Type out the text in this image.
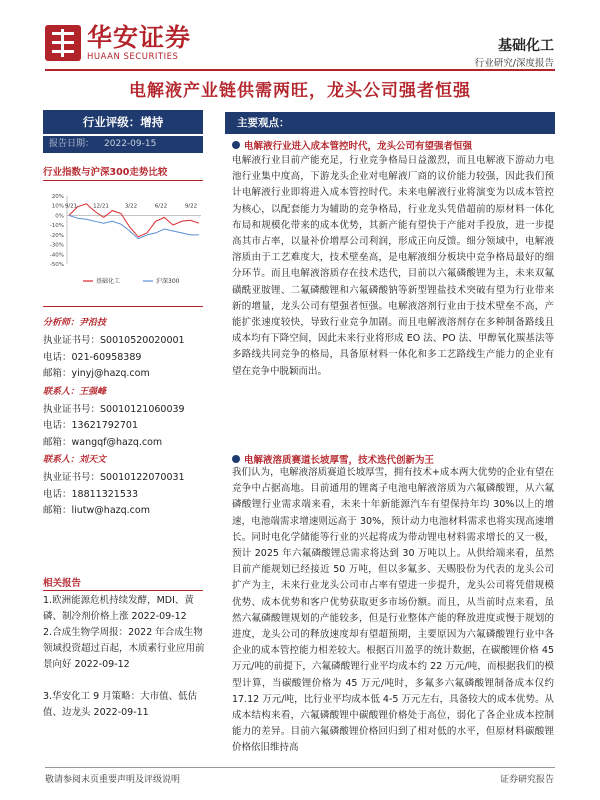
华安证券
HUAAN SECURITIES
基础化工
行业研究/深度报告
电解液产业链供需两旺，龙头公司强者恒强
行业评级：增持
报告日期： 2022-09-15
行业指数与沪深300走势比较
20%
10%
0%
-10%
-20%
-30%
-40%
-50%
9/21	12/21	3/22	6/22	9/22
基础化工	沪深300
分析师：尹沿技
执业证书号：S0010520020001
电话：021-60958389
邮箱：yinyj@hazq.com
联系人：王强峰
执业证书号：S0010121060039
电话：13621792701
邮箱：wangqf@hazq.com
联系人：刘天文
执业证书号：S0010122070031
电话：18811321533
邮箱：liutw@hazq.com
相关报告
1.欧洲能源危机持续发酵，MDI、黄磷、制冷剂价格上涨 2022-09-12
2.合成生物学周报：2022 年合成生物领域投资超过百起，木质素行业应用前景向好 2022-09-12
3.华安化工 9 月策略：大市值、低估值、边龙头 2022-09-11
主要观点：
电解液行业进入成本管控时代，龙头公司有望强者恒强
电解液行业目前产能充足，行业竞争格局日益激烈，而且电解液下游动力电池行业集中度高，下游龙头企业对电解液厂商的议价能力较强，因此我们预计电解液行业即将进入成本管控时代。未来电解液行业将演变为以成本管控为核心，以配套能力为辅助的竞争格局，行业龙头凭借超前的原材料一体化布局和规模化带来的成本优势，其新产能有望快于产能对手投放，进一步提高其市占率，以量补价增厚公司利润，形成正向反馈。细分领域中，电解液溶质由于工艺难度大，技术壁垒高，是电解液细分板块中竞争格局最好的细分环节。而且电解液溶质存在技术迭代，目前以六氟磷酸锂为主，未来双氟磺酰亚胺锂、二氟磷酸锂和六氟磷酸钠等新型锂盐技术突破有望为行业带来新的增量，龙头公司有望强者恒强。电解液溶剂行业由于技术壁垒不高，产能扩张速度较快，导致行业竞争加剧。而且电解液溶剂存在多种制备路线且成本均有下降空间，因此未来行业将形成 EO 法、PO 法、甲醇氧化羰基法等多路线共同竞争的格局，具备原材料一体化和多工艺路线生产能力的企业有望在竞争中脱颖而出。
电解液溶质赛道长坡厚雪，技术迭代创新为王
我们认为，电解液溶质赛道长坡厚雪，拥有技术+成本两大优势的企业有望在竞争中占据高地。目前通用的锂离子电池电解液溶质为六氟磷酸锂，从六氟磷酸锂行业需求端来看，未来十年新能源汽车有望保持年均 30%以上的增速，电池端需求增速则远高于 30%，预计动力电池材料需求也将实现高速增长。同时电化学储能等行业的兴起将成为带动锂电材料需求增长的又一极，预计 2025 年六氟磷酸锂总需求将达到 30 万吨以上。从供给端来看，虽然目前产能规划已经接近 50 万吨，但以多氟多、天赐股份为代表的龙头公司扩产为主，未来行业龙头公司市占率有望进一步提升，龙头公司将凭借规模优势、成本优势和客户优势获取更多市场份额。而且，从当前时点来看，虽然六氟磷酸锂规划的产能较多，但是行业整体产能的释放进度或慢于规划的进度，龙头公司的释放速度却有望超预期，主要原因为六氟磷酸锂行业中各企业的成本管控能力相差较大。根据百川盈孚的统计数据，在碳酸锂价格 45 万元/吨的前提下，六氟磷酸锂行业平均成本约 22 万元/吨，而根据我们的模型计算，当碳酸锂价格为 45 万元/吨时，多氟多六氟磷酸锂制备成本仅约 17.12 万元/吨，比行业平均成本低 4-5 万元左右，具备较大的成本优势。从成本结构来看，六氟磷酸锂中碳酸锂价格处于高位，弱化了各企业成本控制能力的差异。目前六氟磷酸锂价格回归到了相对低的水平，但原材料碳酸锂价格依旧维持高
敬请参阅末页重要声明及评级说明	证券研究报告
